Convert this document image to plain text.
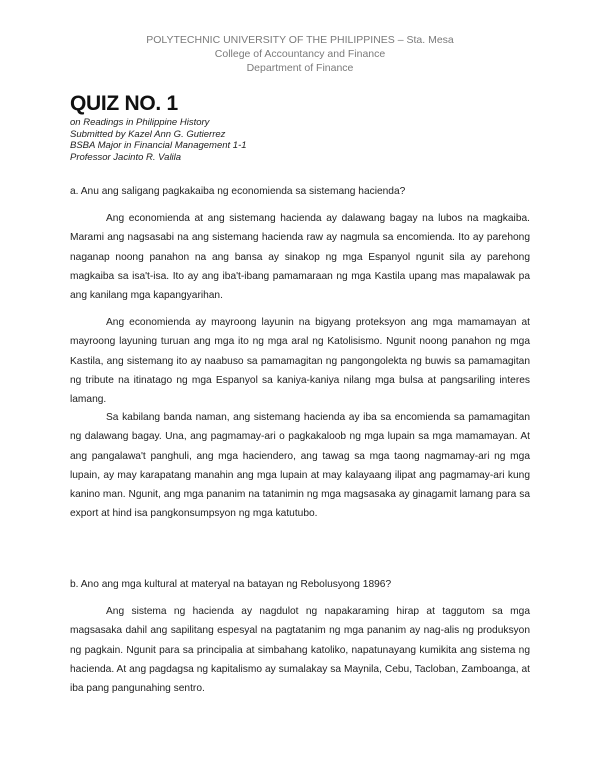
POLYTECHNIC UNIVERSITY OF THE PHILIPPINES – Sta. Mesa
College of Accountancy and Finance
Department of Finance
QUIZ NO. 1
on Readings in Philippine History
Submitted by Kazel Ann G. Gutierrez
BSBA Major in Financial Management 1-1
Professor Jacinto R. Valila
a. Anu ang saligang pagkakaiba ng economienda sa sistemang hacienda?

Ang economienda at ang sistemang hacienda ay dalawang bagay na lubos na magkaiba. Marami ang nagsasabi na ang sistemang hacienda raw ay nagmula sa encomienda. Ito ay parehong naganap noong panahon na ang bansa ay sinakop ng mga Espanyol ngunit sila ay parehong magkaiba sa isa't-isa. Ito ay ang iba't-ibang pamamaraan ng mga Kastila upang mas mapalawak pa ang kanilang mga kapangyarihan.

Ang economienda ay mayroong layunin na bigyang proteksyon ang mga mamamayan at mayroong layuning turuan ang mga ito ng mga aral ng Katolisismo. Ngunit noong panahon ng mga Kastila, ang sistemang ito ay naabuso sa pamamagitan ng pangongolekta ng buwis sa pamamagitan ng tribute na itinatago ng mga Espanyol sa kaniya-kaniya nilang mga bulsa at pangsariling interes lamang.

Sa kabilang banda naman, ang sistemang hacienda ay iba sa encomienda sa pamamagitan ng dalawang bagay. Una, ang pagmamay-ari o pagkakaloob ng mga lupain sa mga mamamayan. At ang pangalawa't panghuli, ang mga haciendero, ang tawag sa mga taong nagmamay-ari ng mga lupain, ay may karapatang manahin ang mga lupain at may kalayaang ilipat ang pagmamay-ari kung kanino man. Ngunit, ang mga pananim na tatanimin ng mga magsasaka ay ginagamit lamang para sa export at hind isa pangkonsumpsyon ng mga katutubo.

b. Ano ang mga kultural at materyal na batayan ng Rebolusyong 1896?

Ang sistema ng hacienda ay nagdulot ng napakaraming hirap at taggutom sa mga magsasaka dahil ang sapilitang espesyal na pagtatanim ng mga pananim ay nag-alis ng produksyon ng pagkain. Ngunit para sa principalia at simbahang katoliko, napatunayang kumikita ang sistema ng hacienda. At ang pagdagsa ng kapitalismo ay sumalakay sa Maynila, Cebu, Tacloban, Zamboanga, at iba pang pangunahing sentro.
